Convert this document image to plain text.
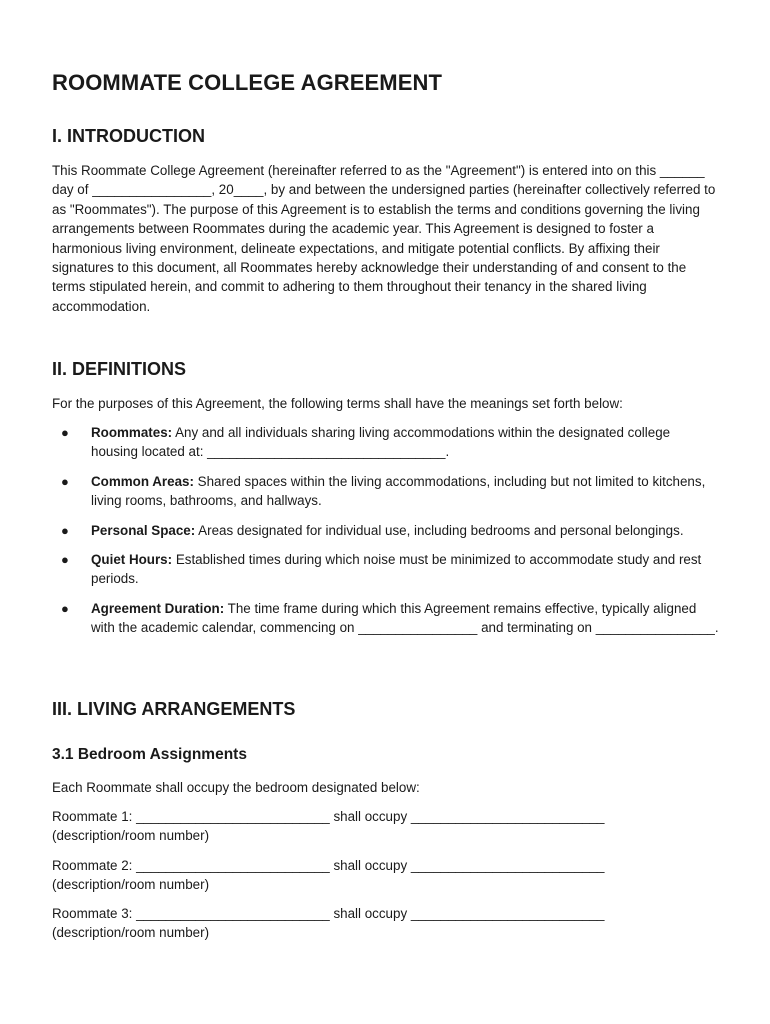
ROOMMATE COLLEGE AGREEMENT
I. INTRODUCTION

This Roommate College Agreement (hereinafter referred to as the "Agreement") is entered into on this ______ day of ________________, 20____, by and between the undersigned parties (hereinafter collectively referred to as "Roommates"). The purpose of this Agreement is to establish the terms and conditions governing the living arrangements between Roommates during the academic year. This Agreement is designed to foster a harmonious living environment, delineate expectations, and mitigate potential conflicts. By affixing their signatures to this document, all Roommates hereby acknowledge their understanding of and consent to the terms stipulated herein, and commit to adhering to them throughout their tenancy in the shared living accommodation.

II. DEFINITIONS

For the purposes of this Agreement, the following terms shall have the meanings set forth below:

● Roommates: Any and all individuals sharing living accommodations within the designated college housing located at: ________________________________.
● Common Areas: Shared spaces within the living accommodations, including but not limited to kitchens, living rooms, bathrooms, and hallways.
● Personal Space: Areas designated for individual use, including bedrooms and personal belongings.
● Quiet Hours: Established times during which noise must be minimized to accommodate study and rest periods.
● Agreement Duration: The time frame during which this Agreement remains effective, typically aligned with the academic calendar, commencing on ________________ and terminating on ________________.
III. LIVING ARRANGEMENTS
3.1 Bedroom Assignments

Each Roommate shall occupy the bedroom designated below:

Roommate 1: __________________________ shall occupy __________________________
(description/room number)
Roommate 2: __________________________ shall occupy __________________________
(description/room number)
Roommate 3: __________________________ shall occupy __________________________
(description/room number)
